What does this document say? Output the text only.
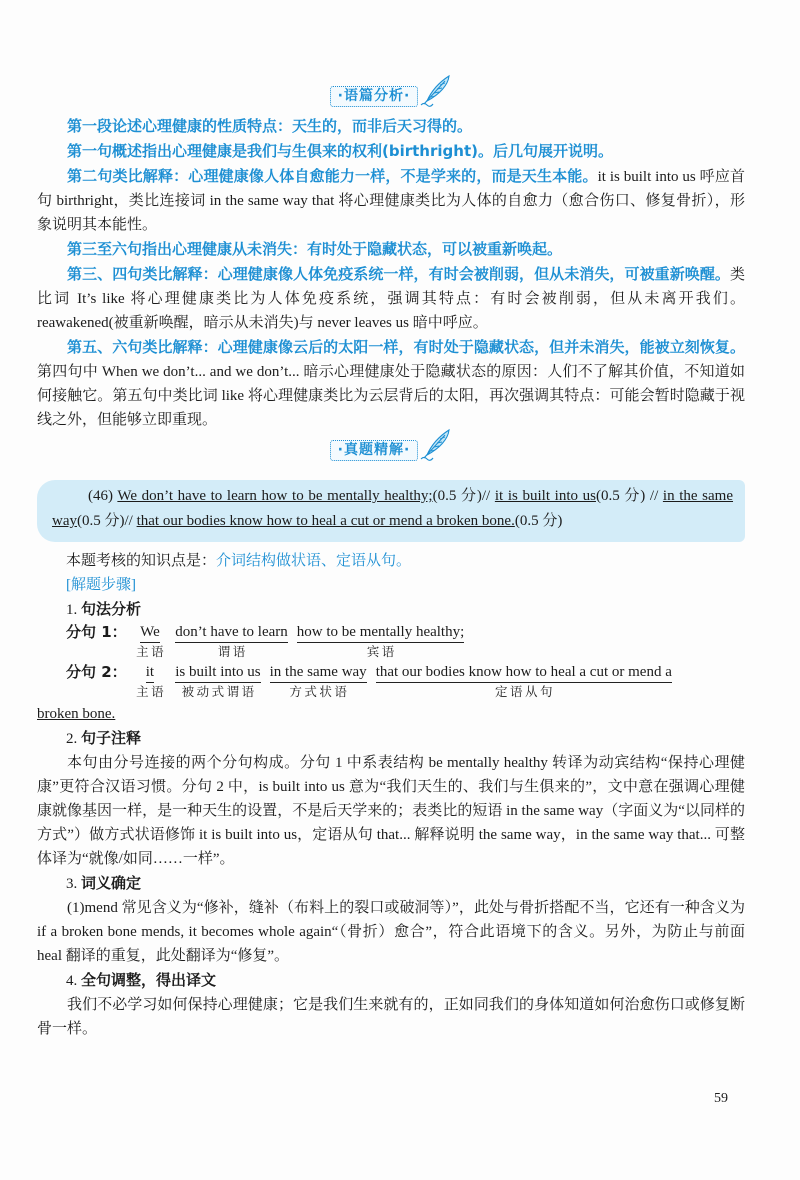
·语篇分析·

第一段论述心理健康的性质特点：天生的，而非后天习得的。

第一句概述指出心理健康是我们与生俱来的权利(birthright)。后几句展开说明。

第二句类比解释：心理健康像人体自愈能力一样，不是学来的，而是天生本能。it is built into us 呼应首句 birthright，类比连接词 in the same way that 将心理健康类比为人体的自愈力（愈合伤口、修复骨折），形象说明其本能性。

第三至六句指出心理健康从未消失：有时处于隐藏状态，可以被重新唤起。

第三、四句类比解释：心理健康像人体免疫系统一样，有时会被削弱，但从未消失，可被重新唤醒。类比词 It’s like 将心理健康类比为人体免疫系统，强调其特点：有时会被削弱，但从未离开我们。reawakened(被重新唤醒，暗示从未消失)与 never leaves us 暗中呼应。

第五、六句类比解释：心理健康像云后的太阳一样，有时处于隐藏状态，但并未消失，能被立刻恢复。第四句中 When we don’t... and we don’t... 暗示心理健康处于隐藏状态的原因：人们不了解其价值，不知道如何接触它。第五句中类比词 like 将心理健康类比为云层背后的太阳，再次强调其特点：可能会暂时隐藏于视线之外，但能够立即重现。

·真题精解·
(46) We don’t have to learn how to be mentally healthy;(0.5 分)// it is built into us(0.5 分) // in the same way(0.5 分)// that our bodies know how to heal a cut or mend a broken bone.(0.5 分)

本题考核的知识点是：介词结构做状语、定语从句。

[解题步骤]

1. 句法分析

分句 1： We
主语
don’t have to learn
谓语
how to be mentally healthy;
宾语
分句 2： it
主语
is built into us
被动式谓语
in the same way
方式状语
that our bodies know how to heal a cut or mend a
定语从句
broken bone.

2. 句子注释

本句由分号连接的两个分句构成。分句 1 中系表结构 be mentally healthy 转译为动宾结构“保持心理健康”更符合汉语习惯。分句 2 中，is built into us 意为“我们天生的、我们与生俱来的”，文中意在强调心理健康就像基因一样，是一种天生的设置，不是后天学来的；表类比的短语 in the same way（字面义为“以同样的方式”）做方式状语修饰 it is built into us，定语从句 that... 解释说明 the same way，in the same way that... 可整体译为“就像/如同……一样”。

3. 词义确定

(1)mend 常见含义为“修补，缝补（布料上的裂口或破洞等）”，此处与骨折搭配不当，它还有一种含义为 if a broken bone mends, it becomes whole again“（骨折）愈合”，符合此语境下的含义。另外，为防止与前面 heal 翻译的重复，此处翻译为“修复”。

4. 全句调整，得出译文

我们不必学习如何保持心理健康；它是我们生来就有的，正如同我们的身体知道如何治愈伤口或修复断骨一样。

59
